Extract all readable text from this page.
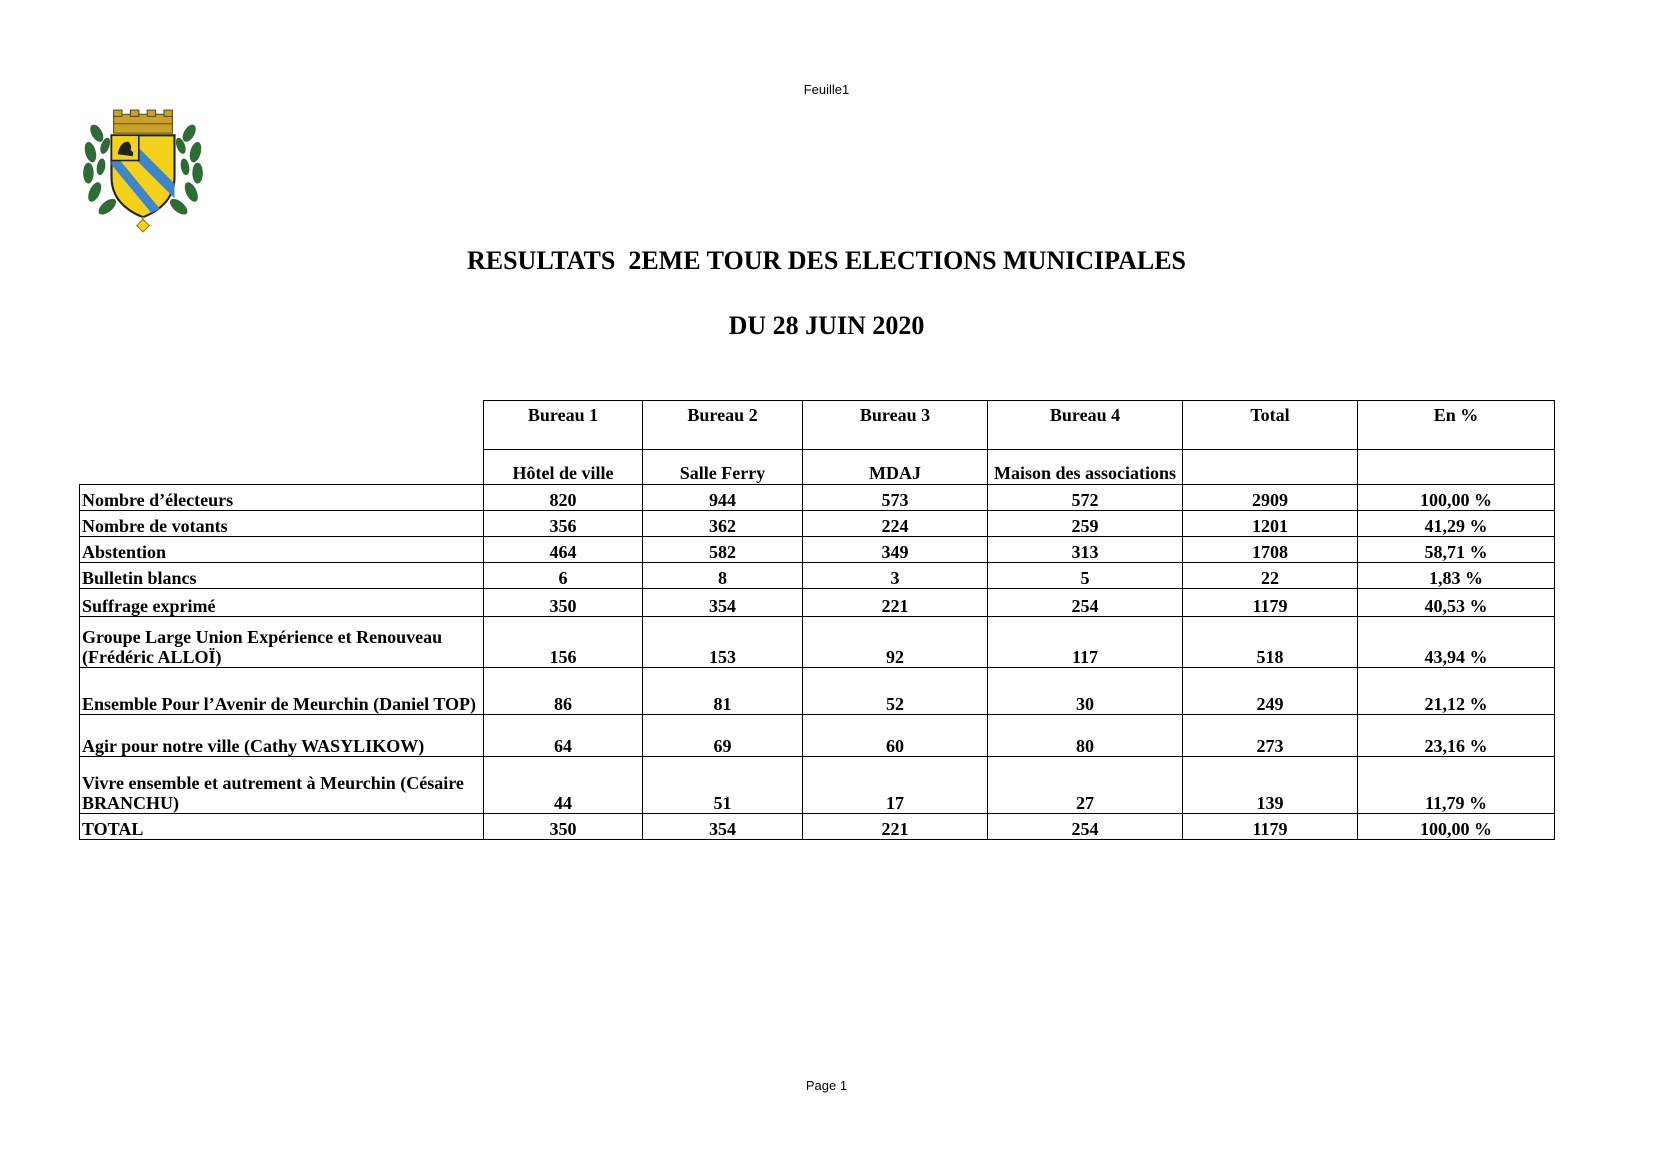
Feuille1
RESULTATS  2EME TOUR DES ELECTIONS MUNICIPALES
DU 28 JUIN 2020

	Bureau 1	Bureau 2	Bureau 3	Bureau 4	Total	En %

	Hôtel de ville	Salle Ferry	MDAJ	Maison des associations		

Nombre d’électeurs	820	944	573	572	2909	100,00 %
Nombre de votants	356	362	224	259	1201	41,29 %
Abstention	464	582	349	313	1708	58,71 %
Bulletin blancs	6	8	3	5	22	1,83 %
Suffrage exprimé	350	354	221	254	1179	40,53 %
Groupe Large Union Expérience et Renouveau (Frédéric ALLOÏ)	156	153	92	117	518	43,94 %
Ensemble Pour l’Avenir de Meurchin (Daniel TOP)	86	81	52	30	249	21,12 %
Agir pour notre ville (Cathy WASYLIKOW)	64	69	60	80	273	23,16 %
Vivre ensemble et autrement à Meurchin (Césaire BRANCHU)	44	51	17	27	139	11,79 %
TOTAL	350	354	221	254	1179	100,00 %
Page 1
